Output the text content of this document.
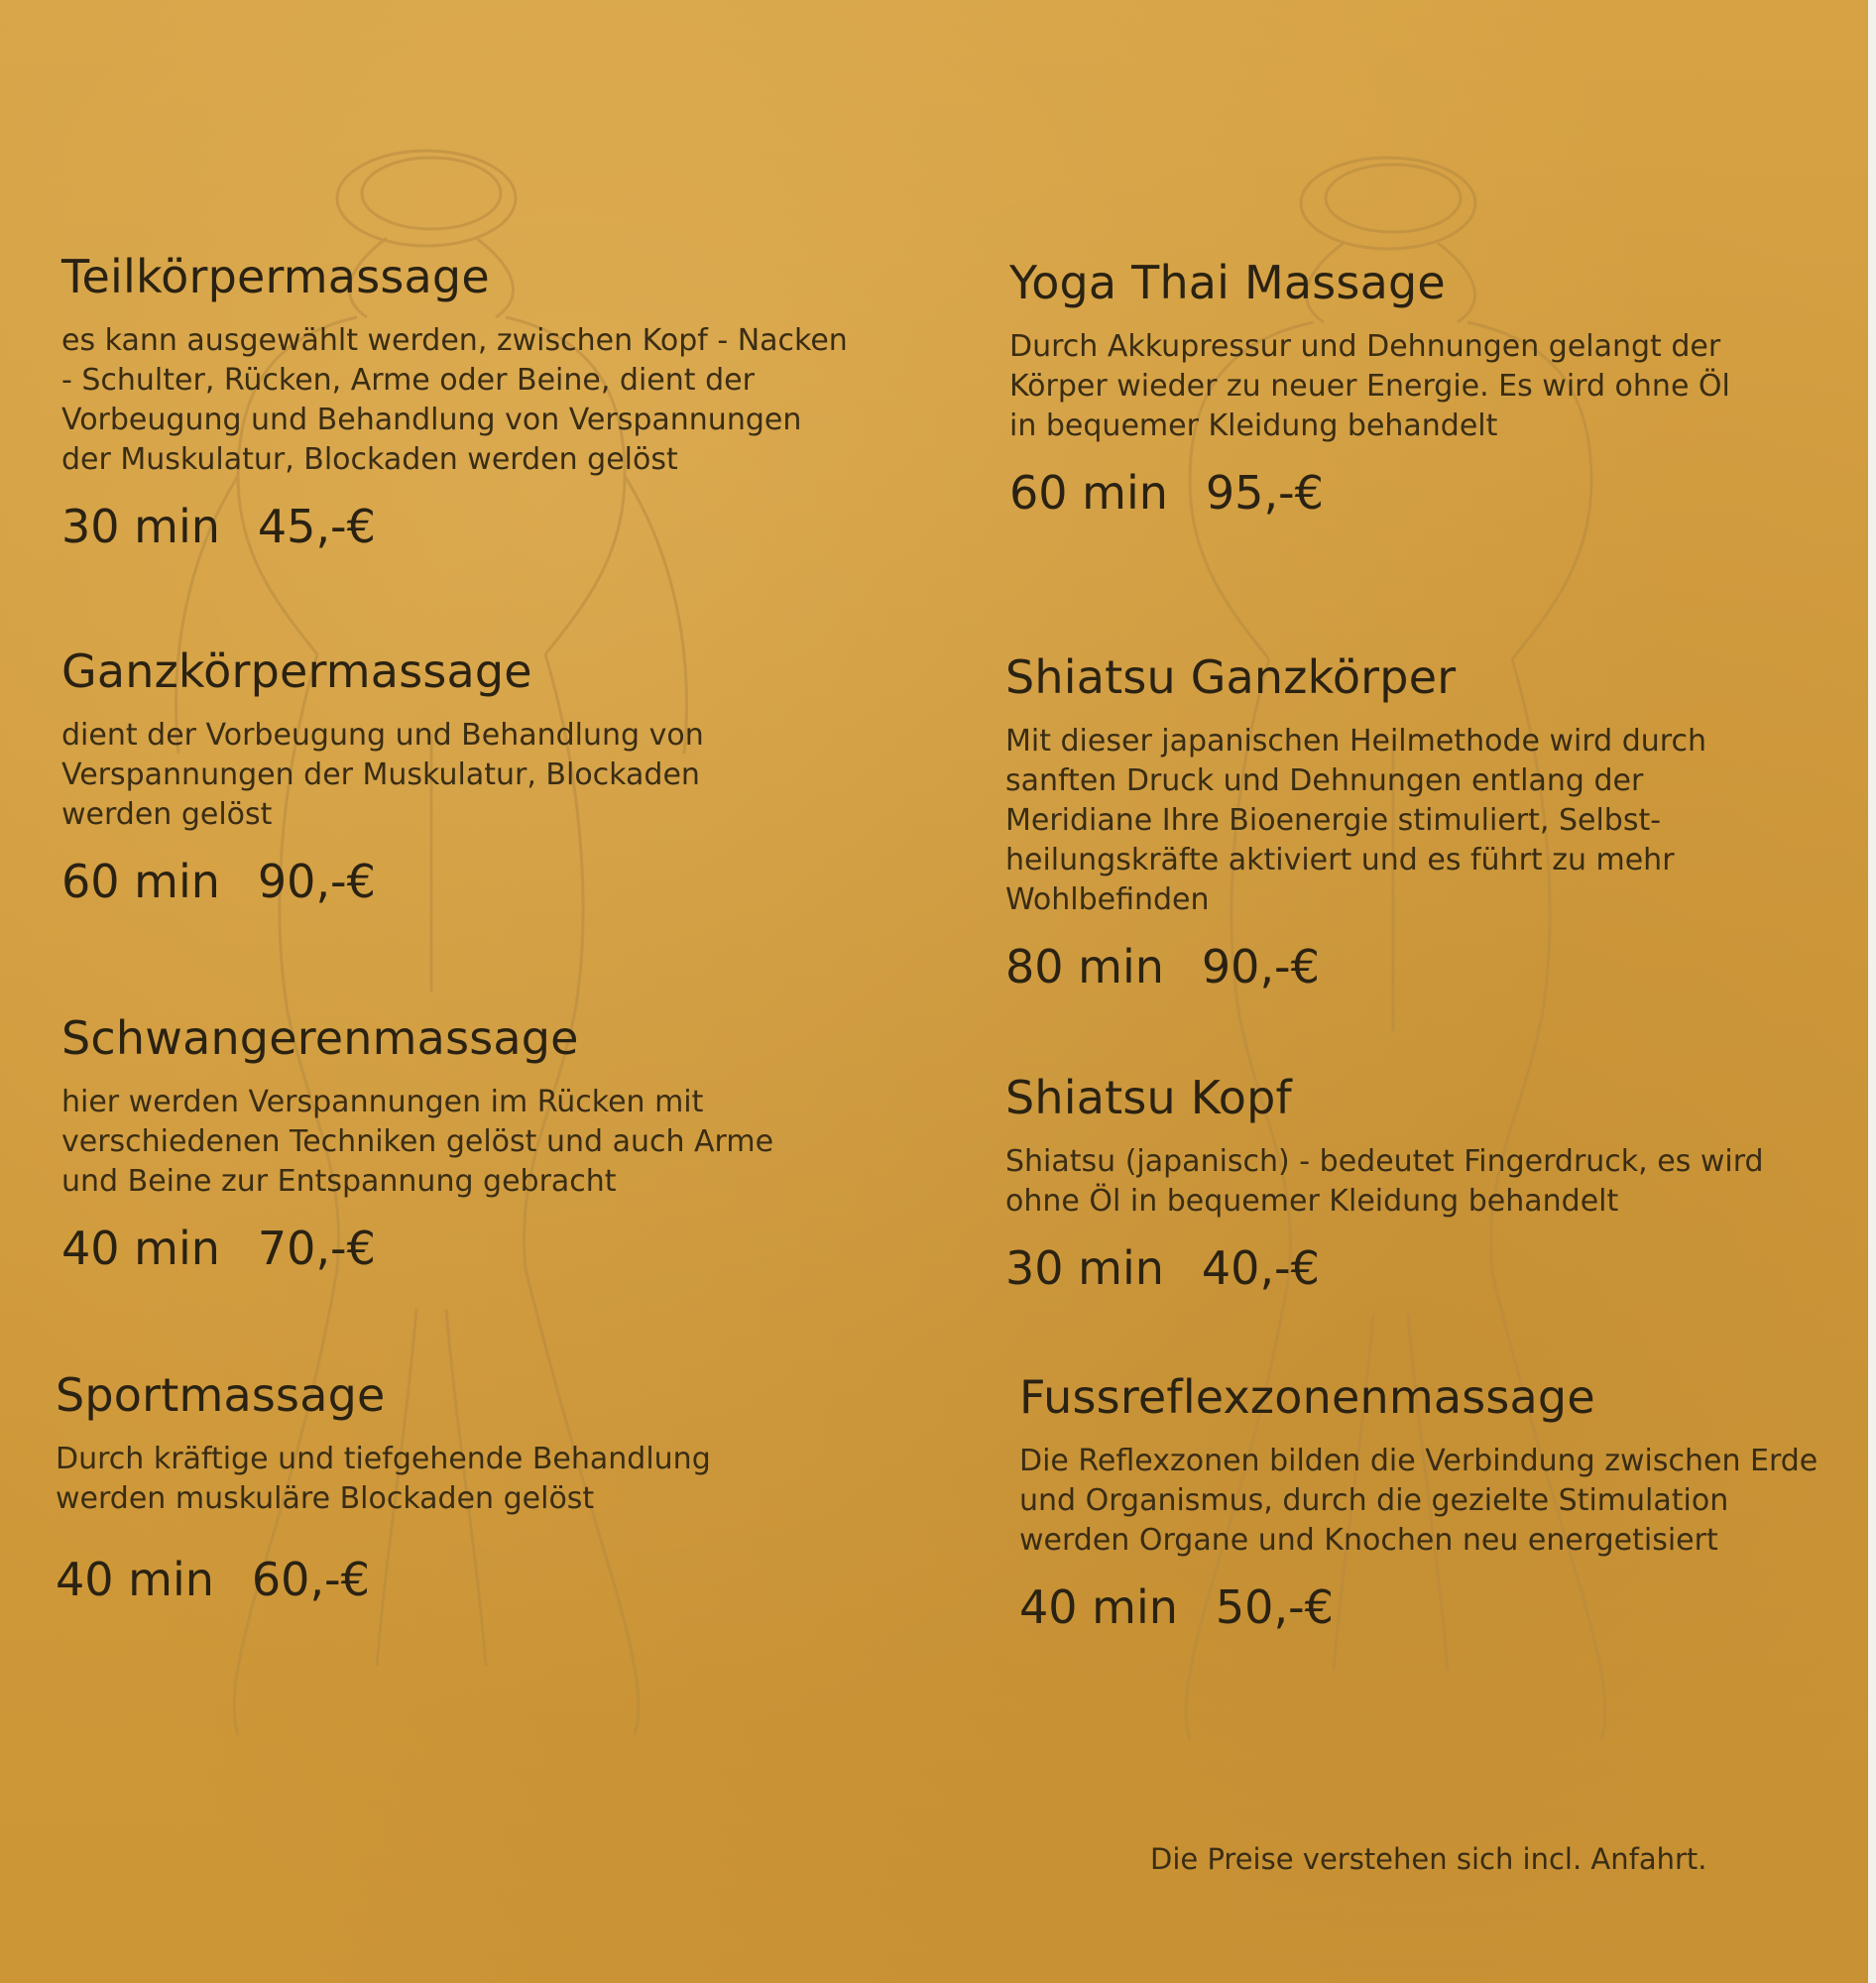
Teilkörpermassage

es kann ausgewählt werden, zwischen Kopf - Nacken
- Schulter, Rücken, Arme oder Beine, dient der
Vorbeugung und Behandlung von Verspannungen
der Muskulatur, Blockaden werden gelöst

30 min 45,-€
Ganzkörpermassage

dient der Vorbeugung und Behandlung von
Verspannungen der Muskulatur, Blockaden
werden gelöst

60 min 90,-€
Schwangerenmassage

hier werden Verspannungen im Rücken mit
verschiedenen Techniken gelöst und auch Arme
und Beine zur Entspannung gebracht

40 min 70,-€
Sportmassage

Durch kräftige und tiefgehende Behandlung
werden muskuläre Blockaden gelöst

40 min 60,-€
Yoga Thai Massage

Durch Akkupressur und Dehnungen gelangt der
Körper wieder zu neuer Energie. Es wird ohne Öl
in bequemer Kleidung behandelt

60 min 95,-€
Shiatsu Ganzkörper

Mit dieser japanischen Heilmethode wird durch
sanften Druck und Dehnungen entlang der
Meridiane Ihre Bioenergie stimuliert, Selbst-
heilungskräfte aktiviert und es führt zu mehr
Wohlbefinden

80 min 90,-€
Shiatsu Kopf

Shiatsu (japanisch) - bedeutet Fingerdruck, es wird
ohne Öl in bequemer Kleidung behandelt

30 min 40,-€
Fussreflexzonenmassage

Die Reflexzonen bilden die Verbindung zwischen Erde
und Organismus, durch die gezielte Stimulation
werden Organe und Knochen neu energetisiert

40 min 50,-€
Die Preise verstehen sich incl. Anfahrt.
